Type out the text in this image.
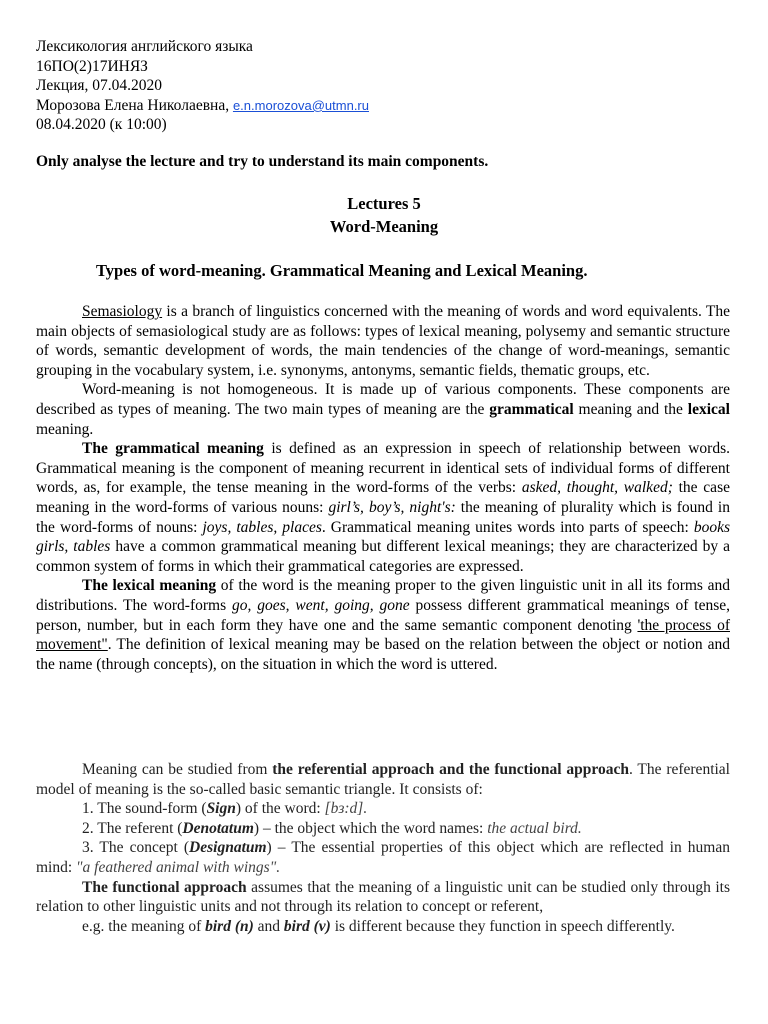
Лексикология английского языка
16ПО(2)17ИНЯЗ
Лекция, 07.04.2020
Морозова Елена Николаевна, e.n.morozova@utmn.ru
08.04.2020 (к 10:00)
Only analyse the lecture and try to understand its main components.
Lectures 5
Word-Meaning
Types of word-meaning. Grammatical Meaning and Lexical Meaning.

Semasiology is a branch of linguistics concerned with the meaning of words and word equivalents. The main objects of semasiological study are as follows: types of lexical meaning, polysemy and semantic structure of words, semantic development of words, the main tendencies of the change of word-meanings, semantic grouping in the vocabulary system, i.e. synonyms, antonyms, semantic fields, thematic groups, etc.

Word-meaning is not homogeneous. It is made up of various components. These components are described as types of meaning. The two main types of meaning are the grammatical meaning and the lexical meaning.

The grammatical meaning is defined as an expression in speech of relationship between words. Grammatical meaning is the component of meaning recurrent in identical sets of individual forms of different words, as, for example, the tense meaning in the word-forms of the verbs: asked, thought, walked; the case meaning in the word-forms of various nouns: girl’s, boy’s, night's: the meaning of plurality which is found in the word-forms of nouns: joys, tables, places. Grammatical meaning unites words into parts of speech: books girls, tables have a common grammatical meaning but different lexical meanings; they are characterized by a common system of forms in which their grammatical categories are expressed.

The lexical meaning of the word is the meaning proper to the given linguistic unit in all its forms and distributions. The word-forms go, goes, went, going, gone possess different grammatical meanings of tense, person, number, but in each form they have one and the same semantic component denoting 'the process of movement". The definition of lexical meaning may be based on the relation between the object or notion and the name (through concepts), on the situation in which the word is uttered.

Meaning can be studied from the referential approach and the functional approach. The referential model of meaning is the so-called basic semantic triangle. It consists of:

1. The sound-form (Sign) of the word: [bз:d].

2. The referent (Denotatum) – the object which the word names: the actual bird.

3. The concept (Designatum) – The essential properties of this object which are reflected in human mind: "a feathered animal with wings".

The functional approach assumes that the meaning of a linguistic unit can be studied only through its relation to other linguistic units and not through its relation to concept or referent,

e.g. the meaning of bird (n) and bird (v) is different because they function in speech differently.
